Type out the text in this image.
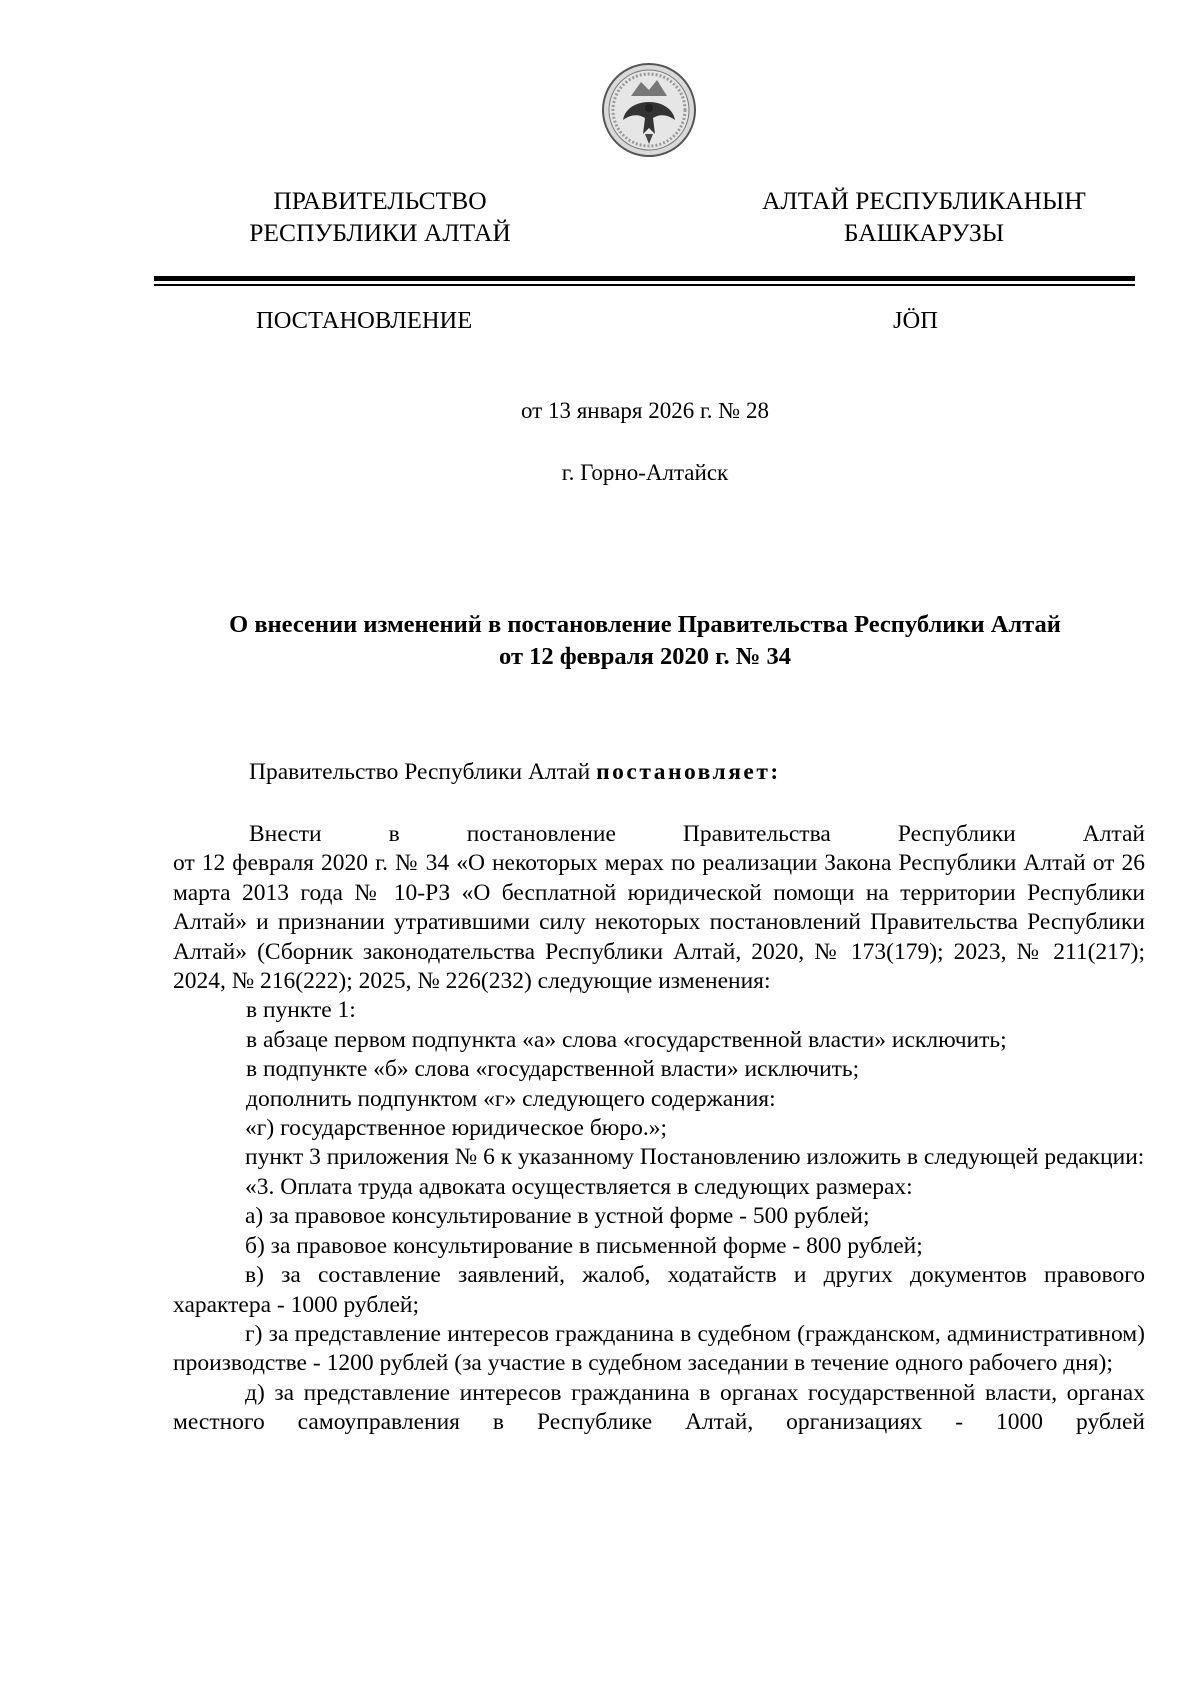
ПРАВИТЕЛЬСТВО
РЕСПУБЛИКИ АЛТАЙ
АЛТАЙ РЕСПУБЛИКАНЫҤ
БАШКАРУЗЫ
ПОСТАНОВЛЕНИЕ	JÖП
от 13 января 2026 г. № 28
г. Горно-Алтайск
О внесении изменений в постановление Правительства Республики Алтай
от 12 февраля 2020 г. № 34

Правительство Республики Алтай постановляет:

Внести в постановление Правительства Республики Алтай

от 12 февраля 2020 г. № 34 «О некоторых мерах по реализации Закона Республики Алтай от 26 марта 2013 года № 10-РЗ «О бесплатной юридической помощи на территории Республики Алтай» и признании утратившими силу некоторых постановлений Правительства Республики Алтай» (Сборник законодательства Республики Алтай, 2020, № 173(179); 2023, № 211(217); 2024, № 216(222); 2025, № 226(232) следующие изменения:

в пункте 1:

в абзаце первом подпункта «а» слова «государственной власти» исключить;

в подпункте «б» слова «государственной власти» исключить;

дополнить подпунктом «г» следующего содержания:

«г) государственное юридическое бюро.»;

пункт 3 приложения № 6 к указанному Постановлению изложить в следующей редакции:

«3. Оплата труда адвоката осуществляется в следующих размерах:

а) за правовое консультирование в устной форме - 500 рублей;

б) за правовое консультирование в письменной форме - 800 рублей;

в) за составление заявлений, жалоб, ходатайств и других документов правового характера - 1000 рублей;

г) за представление интересов гражданина в судебном (гражданском, административном) производстве - 1200 рублей (за участие в судебном заседании в течение одного рабочего дня);

д) за представление интересов гражданина в органах государственной власти, органах местного самоуправления в Республике Алтай, организациях - 1000 рублей
